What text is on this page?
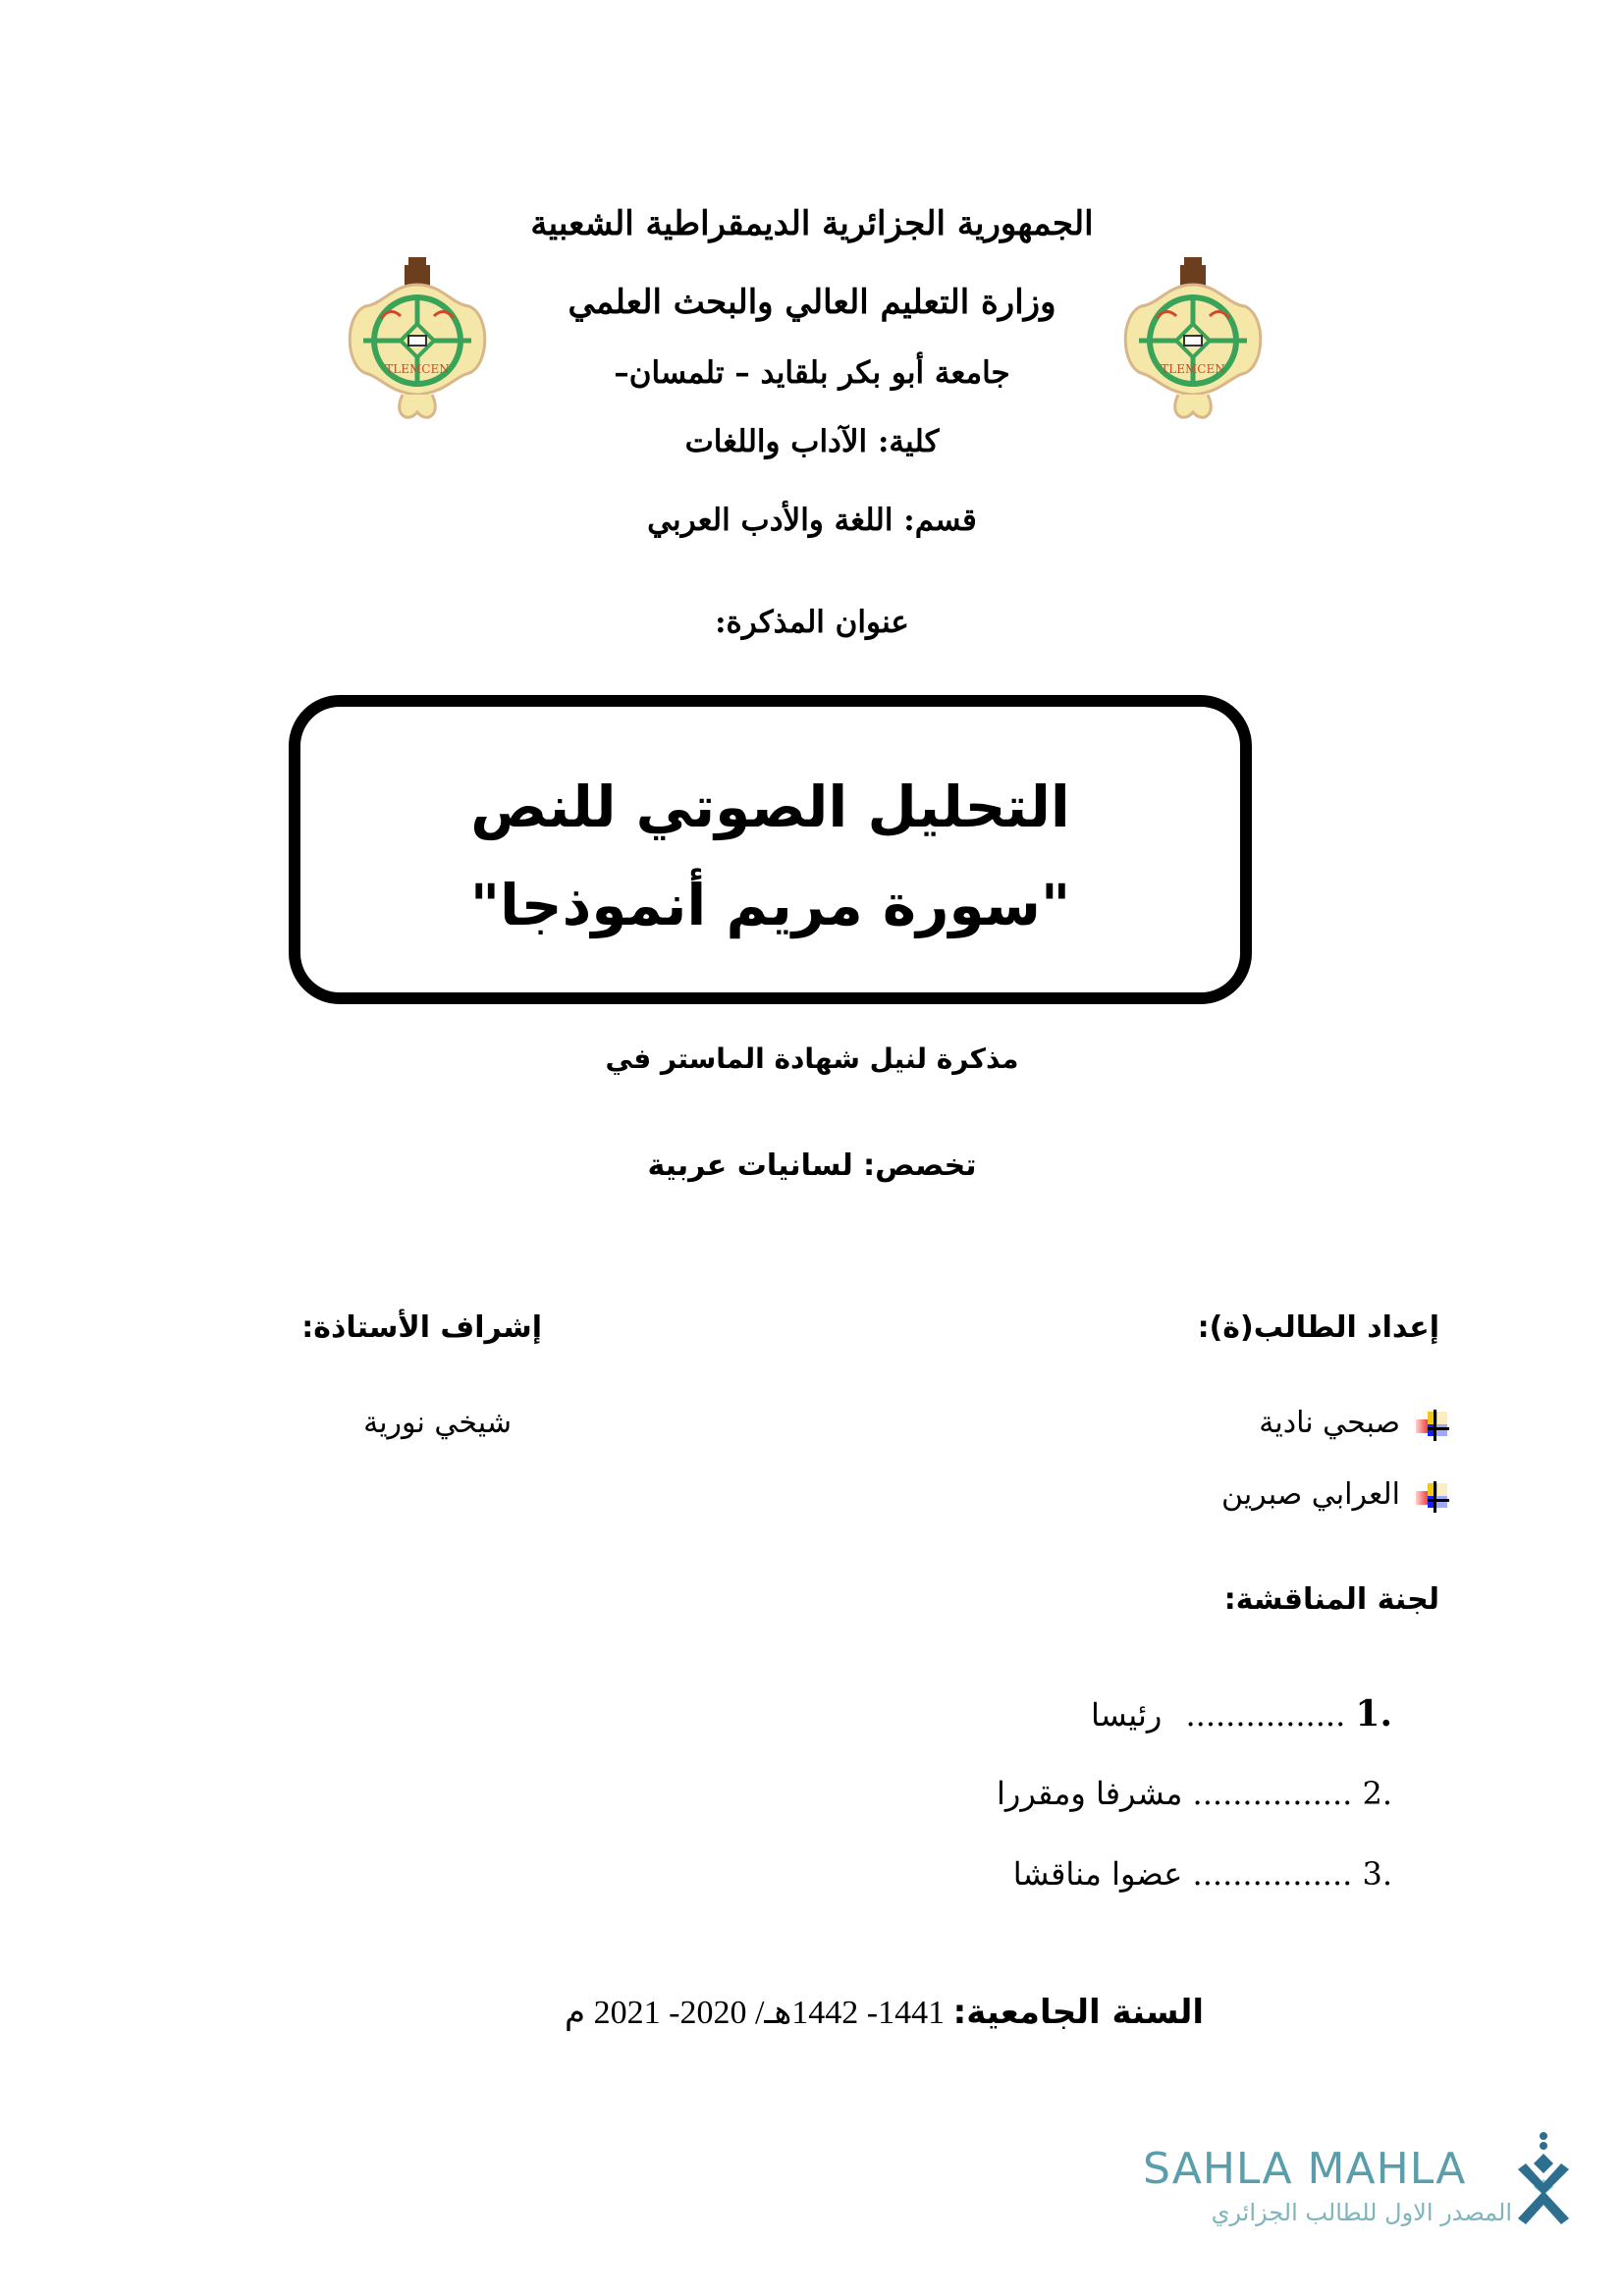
الجمهورية الجزائرية الديمقراطية الشعبية
وزارة التعليم العالي والبحث العلمي
جامعة أبو بكر بلقايد – تلمسان–
كلية: الآداب واللغات
قسم: اللغة والأدب العربي
عنوان المذكرة:
TLEMCEN	TLEMCEN
التحليل الصوتي للنص
"سورة مريم أنموذجا"
مذكرة لنيل شهادة الماستر في
تخصص: لسانيات عربية
إعداد الطالب(ة):
صبحي نادية
العرابي صبرين
إشراف الأستاذة:
شيخي نورية
لجنة المناقشة:
1. ................ رئيسا
2. ................ مشرفا ومقررا
3. ................ عضوا مناقشا
السنة الجامعية: 1441- 1442هـ/ 2020- 2021 م
SAHLA MAHLA
المصدر الاول للطالب الجزائري
